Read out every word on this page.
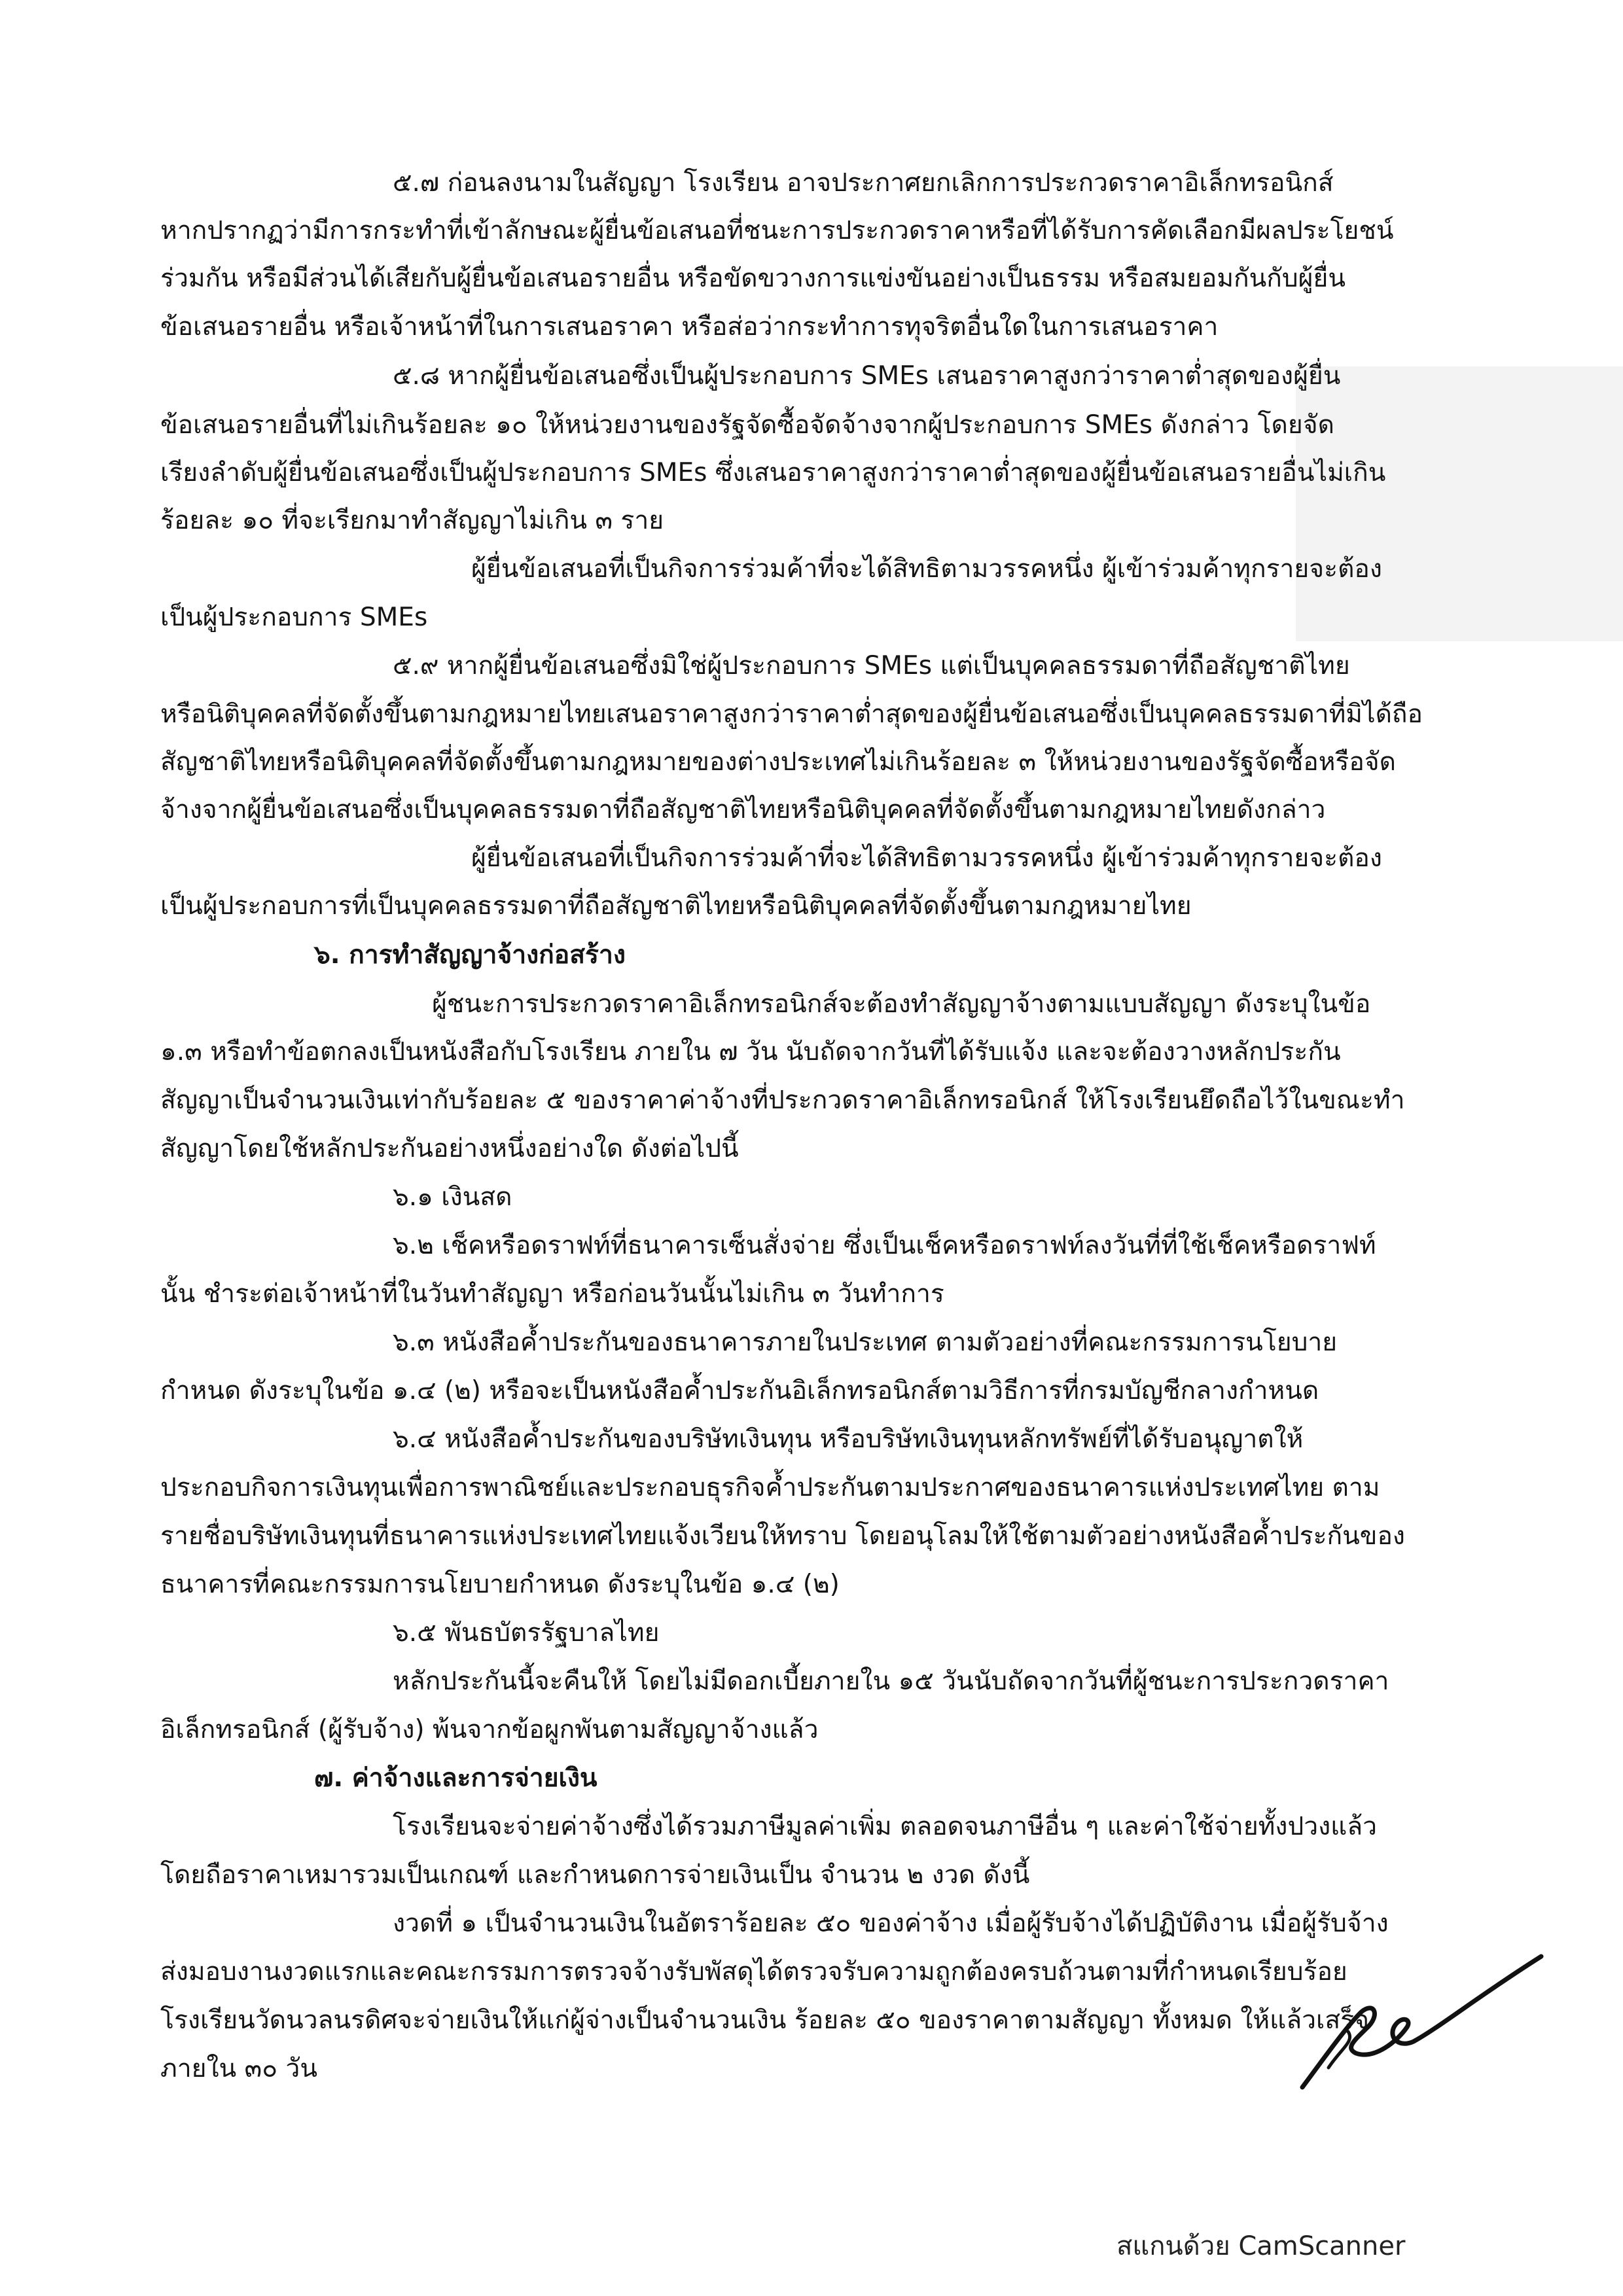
๕.๗ ก่อนลงนามในสัญญา โรงเรียน อาจประกาศยกเลิกการประกวดราคาอิเล็กทรอนิกส์
หากปรากฏว่ามีการกระทำที่เข้าลักษณะผู้ยื่นข้อเสนอที่ชนะการประกวดราคาหรือที่ได้รับการคัดเลือกมีผลประโยชน์
ร่วมกัน หรือมีส่วนได้เสียกับผู้ยื่นข้อเสนอรายอื่น หรือขัดขวางการแข่งขันอย่างเป็นธรรม หรือสมยอมกันกับผู้ยื่น
ข้อเสนอรายอื่น หรือเจ้าหน้าที่ในการเสนอราคา หรือส่อว่ากระทำการทุจริตอื่นใดในการเสนอราคา
๕.๘ หากผู้ยื่นข้อเสนอซึ่งเป็นผู้ประกอบการ SMEs เสนอราคาสูงกว่าราคาต่ำสุดของผู้ยื่น
ข้อเสนอรายอื่นที่ไม่เกินร้อยละ ๑๐ ให้หน่วยงานของรัฐจัดซื้อจัดจ้างจากผู้ประกอบการ SMEs ดังกล่าว โดยจัด
เรียงลำดับผู้ยื่นข้อเสนอซึ่งเป็นผู้ประกอบการ SMEs ซึ่งเสนอราคาสูงกว่าราคาต่ำสุดของผู้ยื่นข้อเสนอรายอื่นไม่เกิน
ร้อยละ ๑๐ ที่จะเรียกมาทำสัญญาไม่เกิน ๓ ราย
ผู้ยื่นข้อเสนอที่เป็นกิจการร่วมค้าที่จะได้สิทธิตามวรรคหนึ่ง ผู้เข้าร่วมค้าทุกรายจะต้อง
เป็นผู้ประกอบการ SMEs
๕.๙ หากผู้ยื่นข้อเสนอซึ่งมิใช่ผู้ประกอบการ SMEs แต่เป็นบุคคลธรรมดาที่ถือสัญชาติไทย
หรือนิติบุคคลที่จัดตั้งขึ้นตามกฎหมายไทยเสนอราคาสูงกว่าราคาต่ำสุดของผู้ยื่นข้อเสนอซึ่งเป็นบุคคลธรรมดาที่มิได้ถือ
สัญชาติไทยหรือนิติบุคคลที่จัดตั้งขึ้นตามกฎหมายของต่างประเทศไม่เกินร้อยละ ๓ ให้หน่วยงานของรัฐจัดซื้อหรือจัด
จ้างจากผู้ยื่นข้อเสนอซึ่งเป็นบุคคลธรรมดาที่ถือสัญชาติไทยหรือนิติบุคคลที่จัดตั้งขึ้นตามกฎหมายไทยดังกล่าว
ผู้ยื่นข้อเสนอที่เป็นกิจการร่วมค้าที่จะได้สิทธิตามวรรคหนึ่ง ผู้เข้าร่วมค้าทุกรายจะต้อง
เป็นผู้ประกอบการที่เป็นบุคคลธรรมดาที่ถือสัญชาติไทยหรือนิติบุคคลที่จัดตั้งขึ้นตามกฎหมายไทย
๖. การทำสัญญาจ้างก่อสร้าง
ผู้ชนะการประกวดราคาอิเล็กทรอนิกส์จะต้องทำสัญญาจ้างตามแบบสัญญา ดังระบุในข้อ
๑.๓ หรือทำข้อตกลงเป็นหนังสือกับโรงเรียน ภายใน ๗ วัน นับถัดจากวันที่ได้รับแจ้ง และจะต้องวางหลักประกัน
สัญญาเป็นจำนวนเงินเท่ากับร้อยละ ๕ ของราคาค่าจ้างที่ประกวดราคาอิเล็กทรอนิกส์ ให้โรงเรียนยึดถือไว้ในขณะทำ
สัญญาโดยใช้หลักประกันอย่างหนึ่งอย่างใด ดังต่อไปนี้
๖.๑ เงินสด
๖.๒ เช็คหรือดราฟท์ที่ธนาคารเซ็นสั่งจ่าย ซึ่งเป็นเช็คหรือดราฟท์ลงวันที่ที่ใช้เช็คหรือดราฟท์
นั้น ชำระต่อเจ้าหน้าที่ในวันทำสัญญา หรือก่อนวันนั้นไม่เกิน ๓ วันทำการ
๖.๓ หนังสือค้ำประกันของธนาคารภายในประเทศ ตามตัวอย่างที่คณะกรรมการนโยบาย
กำหนด ดังระบุในข้อ ๑.๔ (๒) หรือจะเป็นหนังสือค้ำประกันอิเล็กทรอนิกส์ตามวิธีการที่กรมบัญชีกลางกำหนด
๖.๔ หนังสือค้ำประกันของบริษัทเงินทุน หรือบริษัทเงินทุนหลักทรัพย์ที่ได้รับอนุญาตให้
ประกอบกิจการเงินทุนเพื่อการพาณิชย์และประกอบธุรกิจค้ำประกันตามประกาศของธนาคารแห่งประเทศไทย ตาม
รายชื่อบริษัทเงินทุนที่ธนาคารแห่งประเทศไทยแจ้งเวียนให้ทราบ โดยอนุโลมให้ใช้ตามตัวอย่างหนังสือค้ำประกันของ
ธนาคารที่คณะกรรมการนโยบายกำหนด ดังระบุในข้อ ๑.๔ (๒)
๖.๕ พันธบัตรรัฐบาลไทย
หลักประกันนี้จะคืนให้ โดยไม่มีดอกเบี้ยภายใน ๑๕ วันนับถัดจากวันที่ผู้ชนะการประกวดราคา
อิเล็กทรอนิกส์ (ผู้รับจ้าง) พ้นจากข้อผูกพันตามสัญญาจ้างแล้ว
๗. ค่าจ้างและการจ่ายเงิน
โรงเรียนจะจ่ายค่าจ้างซึ่งได้รวมภาษีมูลค่าเพิ่ม ตลอดจนภาษีอื่น ๆ และค่าใช้จ่ายทั้งปวงแล้ว
โดยถือราคาเหมารวมเป็นเกณฑ์ และกำหนดการจ่ายเงินเป็น จำนวน ๒ งวด ดังนี้
งวดที่ ๑ เป็นจำนวนเงินในอัตราร้อยละ ๕๐ ของค่าจ้าง เมื่อผู้รับจ้างได้ปฏิบัติงาน เมื่อผู้รับจ้าง
ส่งมอบงานงวดแรกและคณะกรรมการตรวจจ้างรับพัสดุได้ตรวจรับความถูกต้องครบถ้วนตามที่กำหนดเรียบร้อย
โรงเรียนวัดนวลนรดิศจะจ่ายเงินให้แก่ผู้จ่างเป็นจำนวนเงิน ร้อยละ ๕๐ ของราคาตามสัญญา ทั้งหมด ให้แล้วเสร็จ
ภายใน ๓๐ วัน
สแกนด้วย CamScanner
